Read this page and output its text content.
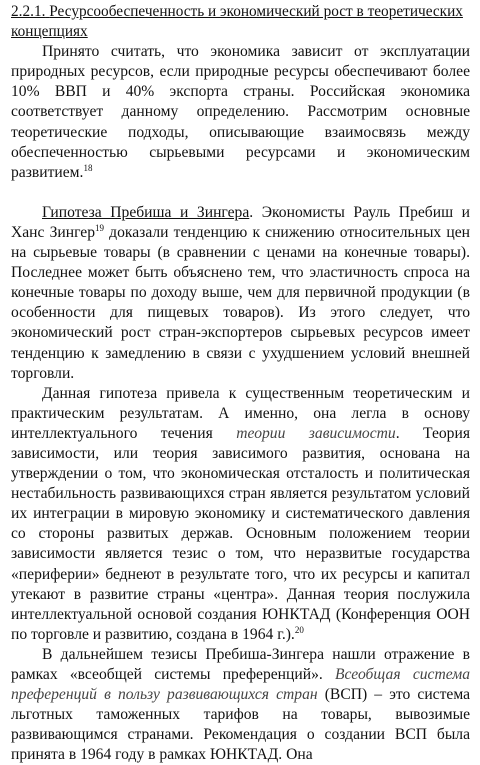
2.2.1. Ресурсообеспеченность и экономический рост в теоретических концепциях

Принято считать, что экономика зависит от эксплуатации природных ресурсов, если природные ресурсы обеспечивают более 10% ВВП и 40% экспорта страны. Российская экономика соответствует данному определению. Рассмотрим основные теоретические подходы, описывающие взаимосвязь между обеспеченностью сырьевыми ресурсами и экономическим развитием.$^{18}$

Гипотеза Пребиша и Зингера. Экономисты Рауль Пребиш и Ханс Зингер$^{19}$ доказали тенденцию к снижению относительных цен на сырьевые товары (в сравнении с ценами на конечные товары). Последнее может быть объяснено тем, что эластичность спроса на конечные товары по доходу выше, чем для первичной продукции (в особенности для пищевых товаров). Из этого следует, что экономический рост стран-экспортеров сырьевых ресурсов имеет тенденцию к замедлению в связи с ухудшением условий внешней торговли.

Данная гипотеза привела к существенным теоретическим и практическим результатам. А именно, она легла в основу интеллектуального течения теории зависимости. Теория зависимости, или теория зависимого развития, основана на утверждении о том, что экономическая отсталость и политическая нестабильность развивающихся стран является результатом условий их интеграции в мировую экономику и систематического давления со стороны развитых держав. Основным положением теории зависимости является тезис о том, что неразвитые государства «периферии» беднеют в результате того, что их ресурсы и капитал утекают в развитие страны «центра». Данная теория послужила интеллектуальной основой создания ЮНКТАД (Конференция ООН по торговле и развитию, создана в 1964 г.).$^{20}$

В дальнейшем тезисы Пребиша-Зингера нашли отражение в рамках «всеобщей системы преференций». Всеобщая система преференций в пользу развивающихся стран (ВСП) – это система льготных таможенных тарифов на товары, вывозимые развивающимся странами. Рекомендация о создании ВСП была принята в 1964 году в рамках ЮНКТАД. Она
